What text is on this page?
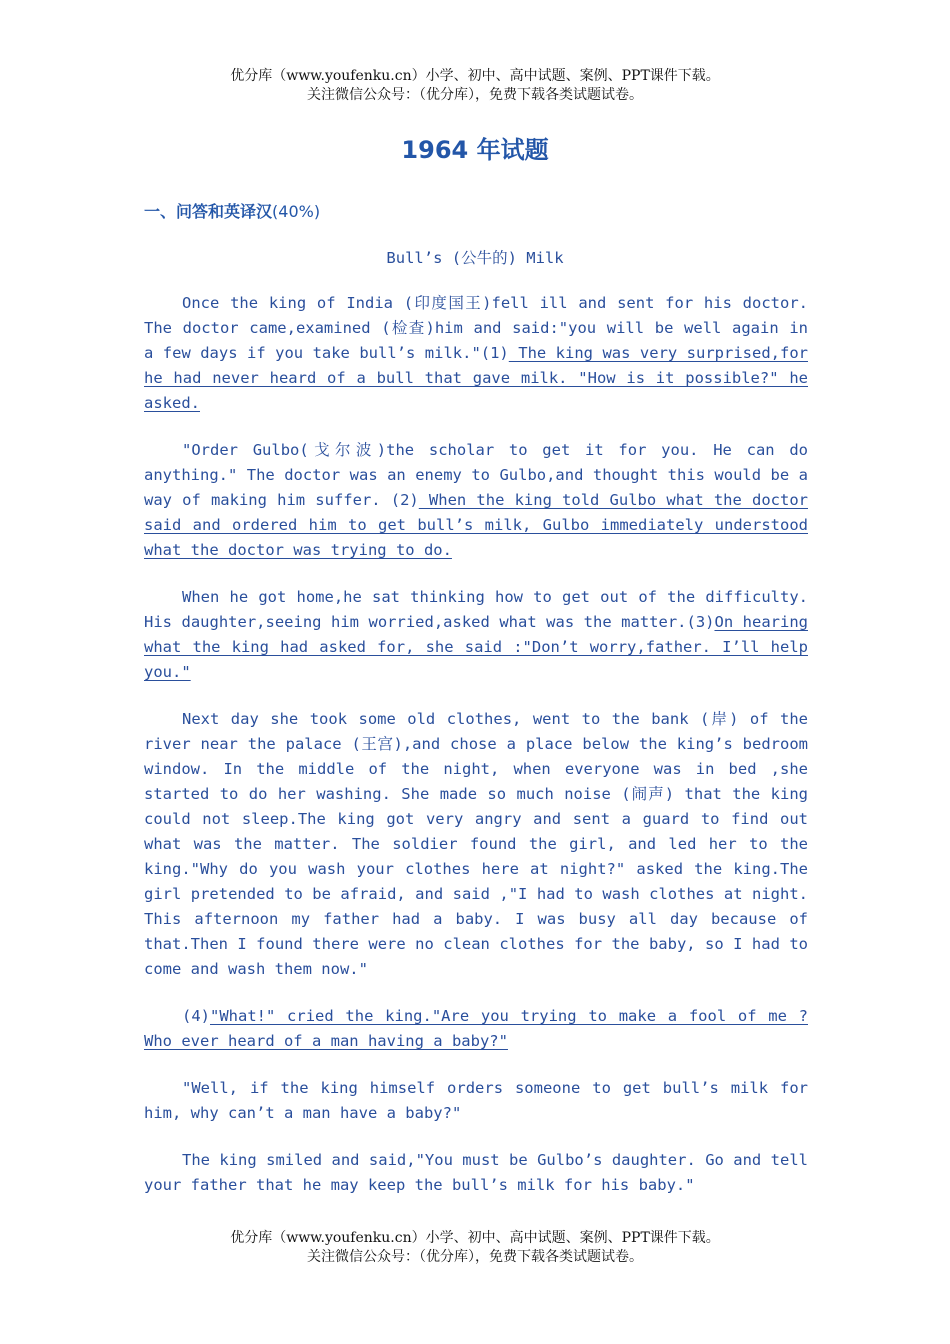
优分库（www.youfenku.cn）小学、初中、高中试题、案例、PPT课件下载。
关注微信公众号：（优分库），免费下载各类试题试卷。
1964 年试题
一、问答和英译汉(40%)
Bull’s (公牛的) Milk

Once the king of India (印度国王)fell ill and sent for his doctor. The doctor came,examined (检查)him and said:"you will be well again in a few days if you take bull’s milk."(1) The king was very surprised,for he had never heard of a bull that gave milk. "How is it possible?" he asked.

"Order Gulbo(戈尔波)the scholar to get it for you. He can do anything." The doctor was an enemy to Gulbo,and thought this would be a way of making him suffer. (2) When the king told Gulbo what the doctor said and ordered him to get bull’s milk, Gulbo immediately understood what the doctor was trying to do.

When he got home,he sat thinking how to get out of the difficulty. His daughter,seeing him worried,asked what was the matter.(3)On hearing what the king had asked for, she said :"Don’t worry,father. I’ll help you."

Next day she took some old clothes, went to the bank (岸) of the river near the palace (王宫),and chose a place below the king’s bedroom window. In the middle of the night, when everyone was in bed ,she started to do her washing. She made so much noise (闹声) that the king could not sleep.The king got very angry and sent a guard to find out what was the matter. The soldier found the girl, and led her to the king."Why do you wash your clothes here at night?" asked the king.The girl pretended to be afraid, and said ,"I had to wash clothes at night. This afternoon my father had a baby. I was busy all day because of that.Then I found there were no clean clothes for the baby, so I had to come and wash them now."

(4)"What!" cried the king."Are you trying to make a fool of me ? Who ever heard of a man having a baby?"

"Well, if the king himself orders someone to get bull’s milk for him, why can’t a man have a baby?"

The king smiled and said,"You must be Gulbo’s daughter. Go and tell your father that he may keep the bull’s milk for his baby."

优分库（www.youfenku.cn）小学、初中、高中试题、案例、PPT课件下载。
关注微信公众号：（优分库），免费下载各类试题试卷。
